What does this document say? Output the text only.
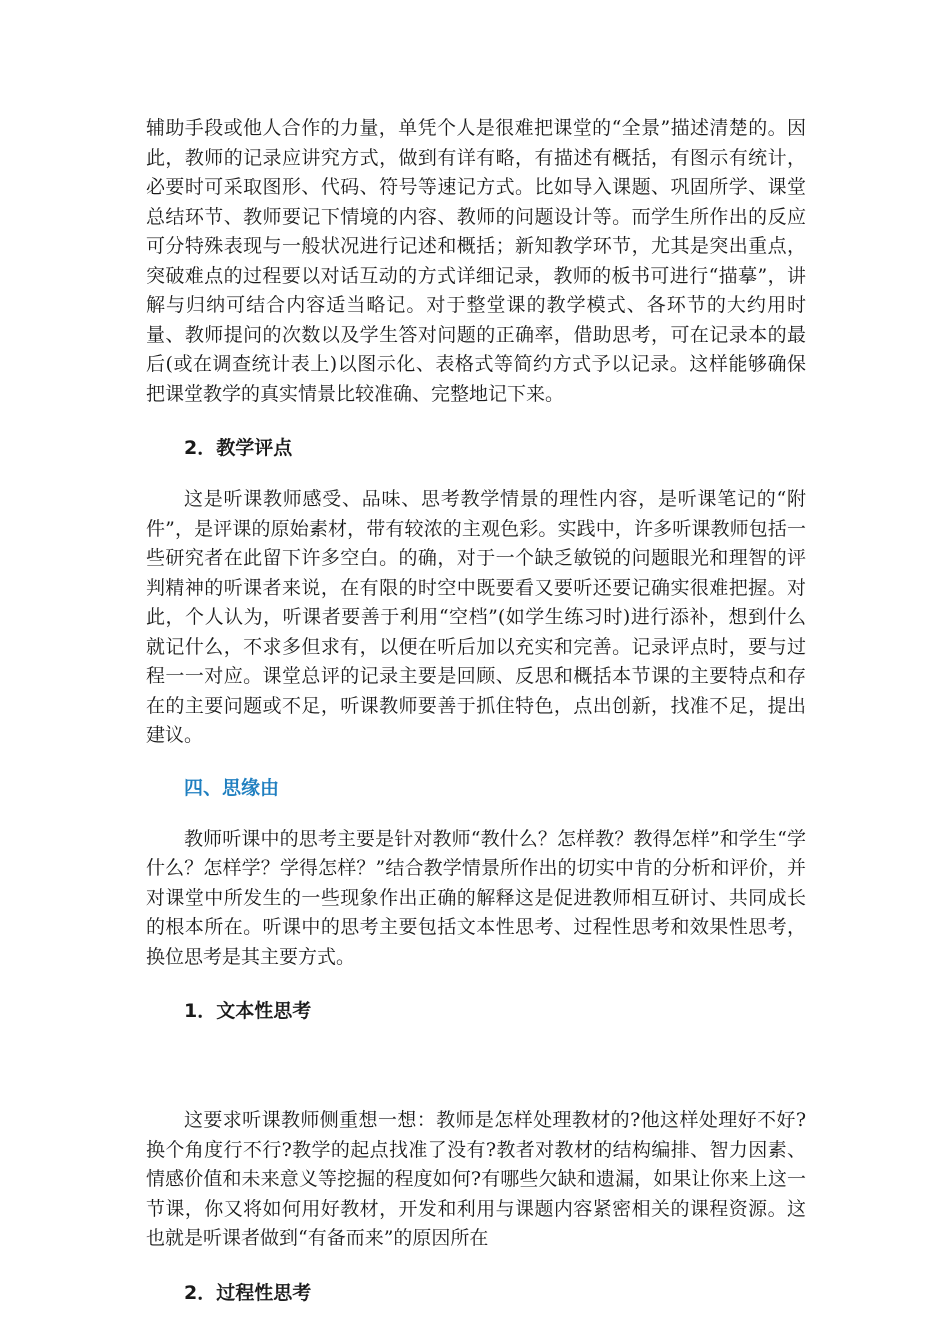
辅助手段或他人合作的力量，单凭个人是很难把课堂的“全景”描述清楚的。因此，教师的记录应讲究方式，做到有详有略，有描述有概括，有图示有统计，必要时可采取图形、代码、符号等速记方式。比如导入课题、巩固所学、课堂总结环节、教师要记下情境的内容、教师的问题设计等。而学生所作出的反应可分特殊表现与一般状况进行记述和概括；新知教学环节，尤其是突出重点，突破难点的过程要以对话互动的方式详细记录，教师的板书可进行“描摹”，讲解与归纳可结合内容适当略记。对于整堂课的教学模式、各环节的大约用时量、教师提问的次数以及学生答对问题的正确率，借助思考，可在记录本的最后(或在调查统计表上)以图示化、表格式等简约方式予以记录。这样能够确保把课堂教学的真实情景比较准确、完整地记下来。

2．教学评点

这是听课教师感受、品味、思考教学情景的理性内容，是听课笔记的“附件”，是评课的原始素材，带有较浓的主观色彩。实践中，许多听课教师包括一些研究者在此留下许多空白。的确，对于一个缺乏敏锐的问题眼光和理智的评判精神的听课者来说，在有限的时空中既要看又要听还要记确实很难把握。对此，个人认为，听课者要善于利用“空档”(如学生练习时)进行添补，想到什么就记什么，不求多但求有，以便在听后加以充实和完善。记录评点时，要与过程一一对应。课堂总评的记录主要是回顾、反思和概括本节课的主要特点和存在的主要问题或不足，听课教师要善于抓住特色，点出创新，找准不足，提出建议。

四、思缘由

教师听课中的思考主要是针对教师“教什么？怎样教？教得怎样”和学生“学什么？怎样学？学得怎样？”结合教学情景所作出的切实中肯的分析和评价，并对课堂中所发生的一些现象作出正确的解释这是促进教师相互研讨、共同成长的根本所在。听课中的思考主要包括文本性思考、过程性思考和效果性思考，换位思考是其主要方式。

1．文本性思考

这要求听课教师侧重想一想：教师是怎样处理教材的?他这样处理好不好?换个角度行不行?教学的起点找准了没有?教者对教材的结构编排、智力因素、情感价值和未来意义等挖掘的程度如何?有哪些欠缺和遗漏，如果让你来上这一节课，你又将如何用好教材，开发和利用与课题内容紧密相关的课程资源。这也就是听课者做到“有备而来”的原因所在

2．过程性思考
